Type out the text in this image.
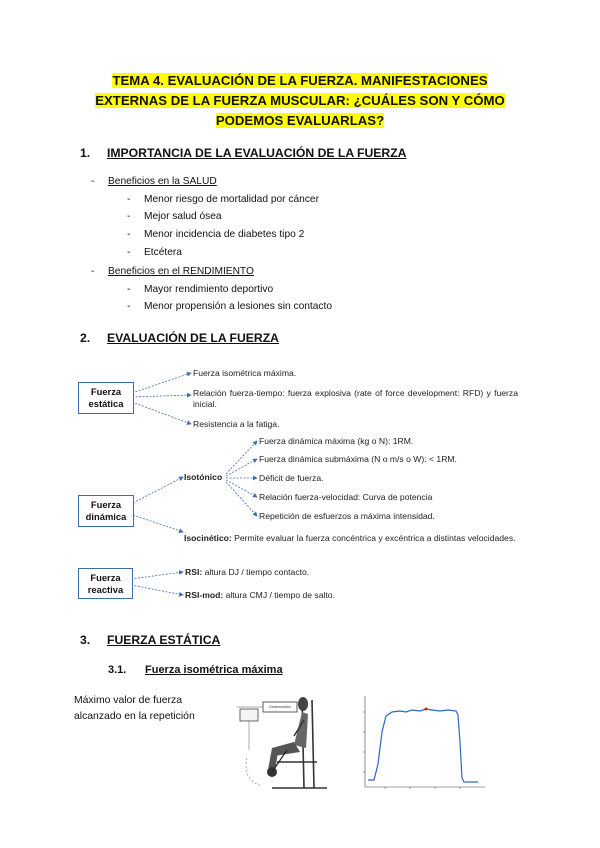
TEMA 4. EVALUACIÓN DE LA FUERZA. MANIFESTACIONES
EXTERNAS DE LA FUERZA MUSCULAR: ¿CUÁLES SON Y CÓMO
PODEMOS EVALUARLAS?
1. IMPORTANCIA DE LA EVALUACIÓN DE LA FUERZA
- Beneficios en la SALUD
- Menor riesgo de mortalidad por cáncer
- Mejor salud ósea
- Menor incidencia de diabetes tipo 2
- Etcétera
- Beneficios en el RENDIMIENTO
- Mayor rendimiento deportivo
- Menor propensión a lesiones sin contacto
2. EVALUACIÓN DE LA FUERZA
Fuerza
estática
Fuerza
dinámica
Fuerza
reactiva
Fuerza isométrica máxima.
Relación fuerza-tiempo: fuerza explosiva (rate of force development: RFD) y fuerza inicial.
Resistencia a la fatiga.
Isotónico
Fuerza dinámica máxima (kg o N): 1RM.
Fuerza dinámica submáxima (N o m/s o W): < 1RM.
Déficit de fuerza.
Relación fuerza-velocidad: Curva de potencia
Repetición de esfuerzos a máxima intensidad.
Isocinético: Permite evaluar la fuerza concéntrica y excéntrica a distintas velocidades.
RSI: altura DJ / tiempo contacto.
RSI-mod: altura CMJ / tiempo de salto.
3. FUERZA ESTÁTICA
3.1. Fuerza isométrica máxima
Máximo valor de fuerza alcanzado en la repetición
Dinamómetro
